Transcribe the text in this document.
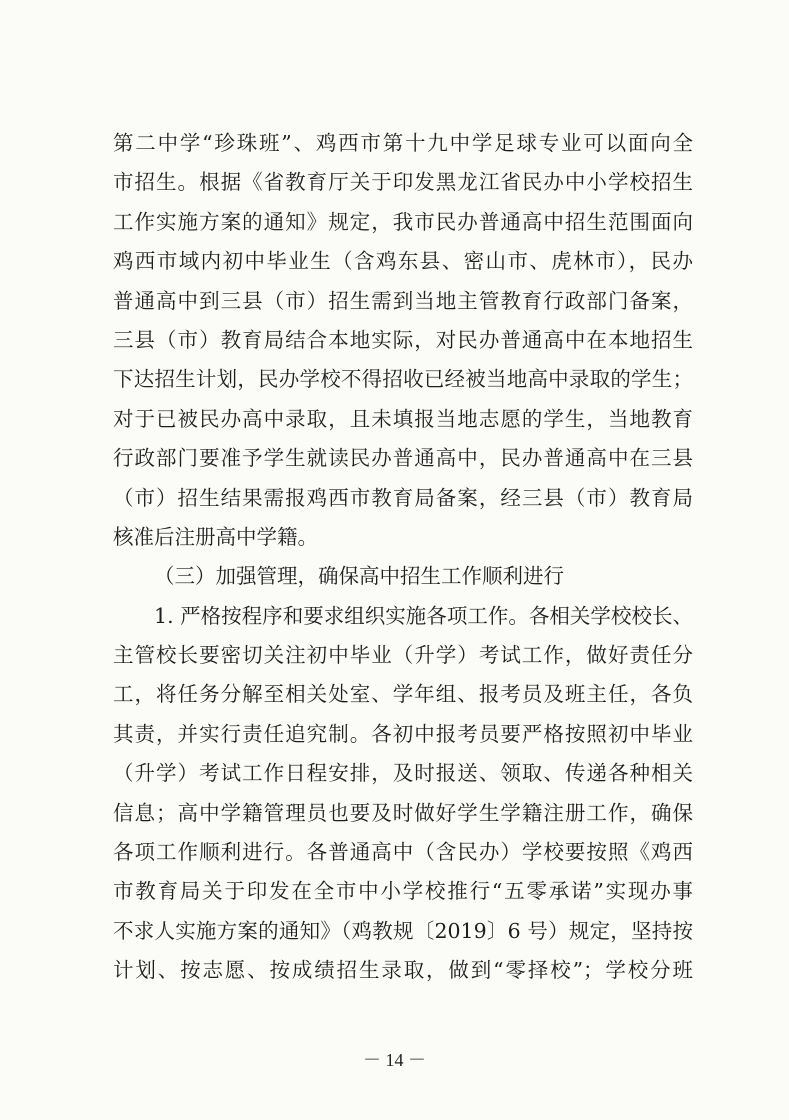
第二中学“珍珠班”、鸡西市第十九中学足球专业可以面向全
市招生。根据《省教育厅关于印发黑龙江省民办中小学校招生
工作实施方案的通知》规定，我市民办普通高中招生范围面向
鸡西市域内初中毕业生（含鸡东县、密山市、虎林市），民办
普通高中到三县（市）招生需到当地主管教育行政部门备案，
三县（市）教育局结合本地实际，对民办普通高中在本地招生
下达招生计划，民办学校不得招收已经被当地高中录取的学生；
对于已被民办高中录取，且未填报当地志愿的学生，当地教育
行政部门要准予学生就读民办普通高中，民办普通高中在三县
（市）招生结果需报鸡西市教育局备案，经三县（市）教育局
核准后注册高中学籍。
（三）加强管理，确保高中招生工作顺利进行
　　1. 严格按程序和要求组织实施各项工作。各相关学校校长、
主管校长要密切关注初中毕业（升学）考试工作，做好责任分
工，将任务分解至相关处室、学年组、报考员及班主任，各负
其责，并实行责任追究制。各初中报考员要严格按照初中毕业
（升学）考试工作日程安排，及时报送、领取、传递各种相关
信息；高中学籍管理员也要及时做好学生学籍注册工作，确保
各项工作顺利进行。各普通高中（含民办）学校要按照《鸡西
市教育局关于印发在全市中小学校推行“五零承诺”实现办事
不求人实施方案的通知》（鸡教规〔2019〕6 号）规定，坚持按
计划、按志愿、按成绩招生录取，做到“零择校”；学校分班
－ 14 －
